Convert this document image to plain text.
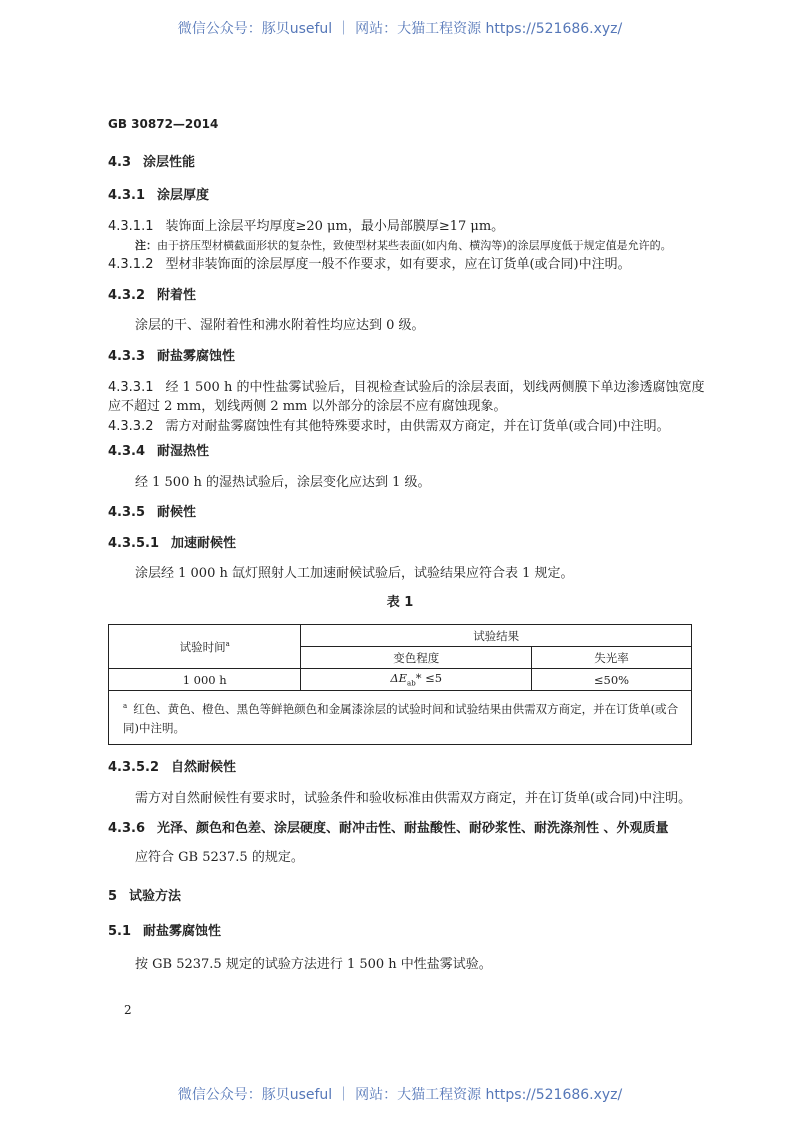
微信公众号：豚贝useful ｜ 网站：大猫工程资源 https://521686.xyz/
GB 30872—2014
4.3 涂层性能
4.3.1 涂层厚度
4.3.1.1 装饰面上涂层平均厚度≥20 μm，最小局部膜厚≥17 μm。
注：由于挤压型材横截面形状的复杂性，致使型材某些表面(如内角、横沟等)的涂层厚度低于规定值是允许的。
4.3.1.2 型材非装饰面的涂层厚度一般不作要求，如有要求，应在订货单(或合同)中注明。
4.3.2 附着性
涂层的干、湿附着性和沸水附着性均应达到 0 级。
4.3.3 耐盐雾腐蚀性
4.3.3.1 经 1 500 h 的中性盐雾试验后，目视检查试验后的涂层表面，划线两侧膜下单边渗透腐蚀宽度
应不超过 2 mm，划线两侧 2 mm 以外部分的涂层不应有腐蚀现象。
4.3.3.2 需方对耐盐雾腐蚀性有其他特殊要求时，由供需双方商定，并在订货单(或合同)中注明。
4.3.4 耐湿热性
经 1 500 h 的湿热试验后，涂层变化应达到 1 级。
4.3.5 耐候性
4.3.5.1 加速耐候性
涂层经 1 000 h 氙灯照射人工加速耐候试验后，试验结果应符合表 1 规定。
表 1
试验时间$^a$	试验结果	
	变色程度	失光率
1 000 h	$\Delta E_{ab}* \le 5$	≤50%
$^a$ 红色、黄色、橙色、黑色等鲜艳颜色和金属漆涂层的试验时间和试验结果由供需双方商定，并在订货单(或合同)中注明。		
4.3.5.2 自然耐候性
需方对自然耐候性有要求时，试验条件和验收标准由供需双方商定，并在订货单(或合同)中注明。
4.3.6 光泽、颜色和色差、涂层硬度、耐冲击性、耐盐酸性、耐砂浆性、耐洗涤剂性 、外观质量
应符合 GB 5237.5 的规定。
5 试验方法
5.1 耐盐雾腐蚀性
按 GB 5237.5 规定的试验方法进行 1 500 h 中性盐雾试验。
2
微信公众号：豚贝useful ｜ 网站：大猫工程资源 https://521686.xyz/
